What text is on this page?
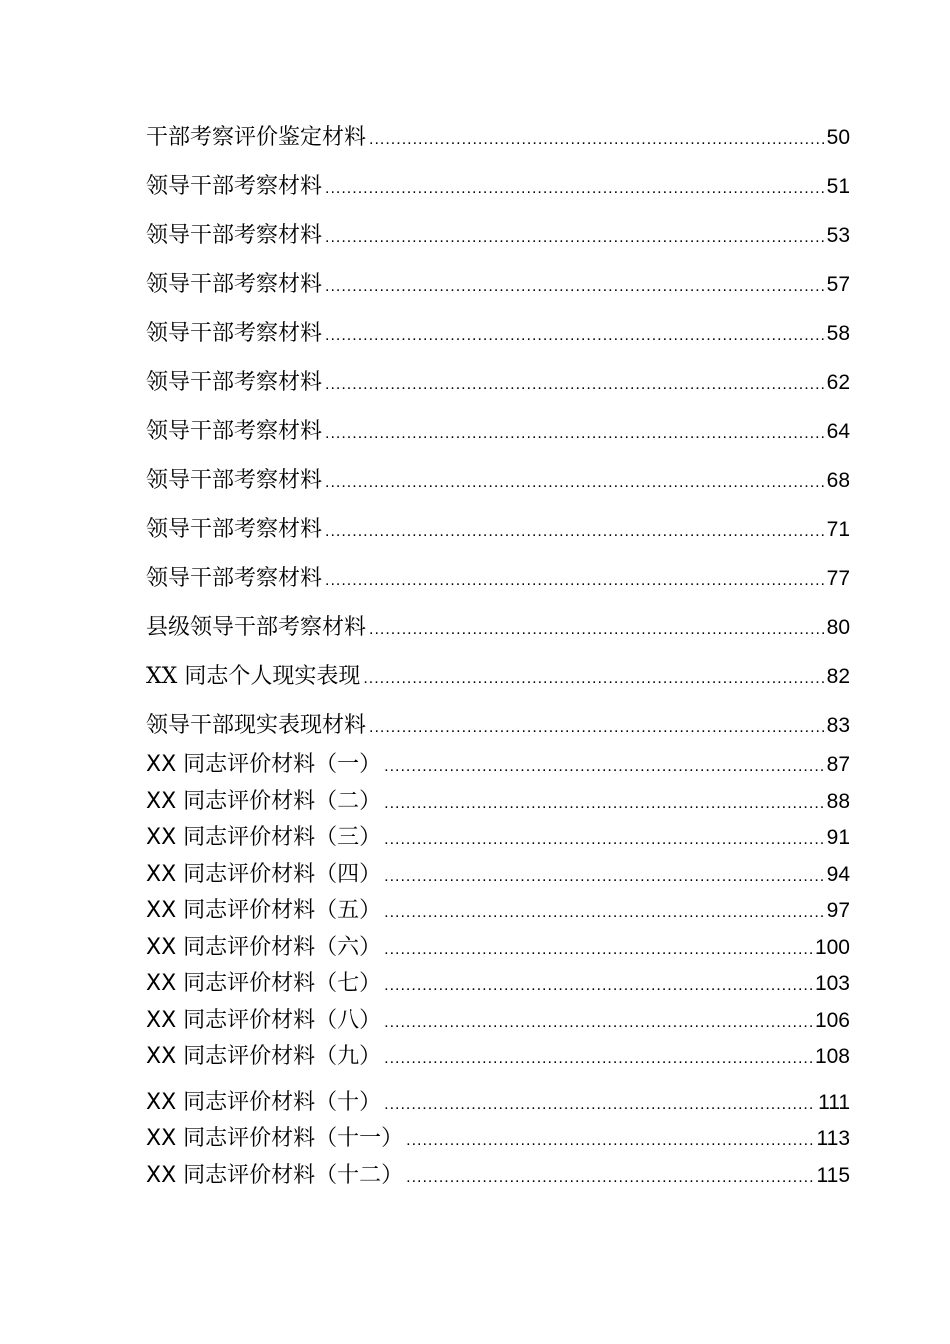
干部考察评价鉴定材料 .....	50
领导干部考察材料 .....	51
领导干部考察材料 .....	53
领导干部考察材料 .....	57
领导干部考察材料 .....	58
领导干部考察材料 .....	62
领导干部考察材料 .....	64
领导干部考察材料 .....	68
领导干部考察材料 .....	71
领导干部考察材料 .....	77
县级领导干部考察材料 .....	80
XX 同志个人现实表现 .....	82
领导干部现实表现材料 .....	83
XX 同志评价材料（一） .....	87
XX 同志评价材料（二） .....	88
XX 同志评价材料（三） .....	91
XX 同志评价材料（四） .....	94
XX 同志评价材料（五） .....	97
XX 同志评价材料（六） .....	100
XX 同志评价材料（七） .....	103
XX 同志评价材料（八） .....	106
XX 同志评价材料（九） .....	108
XX 同志评价材料（十） .....	111
XX 同志评价材料（十一） .....	113
XX 同志评价材料（十二） .....	115
